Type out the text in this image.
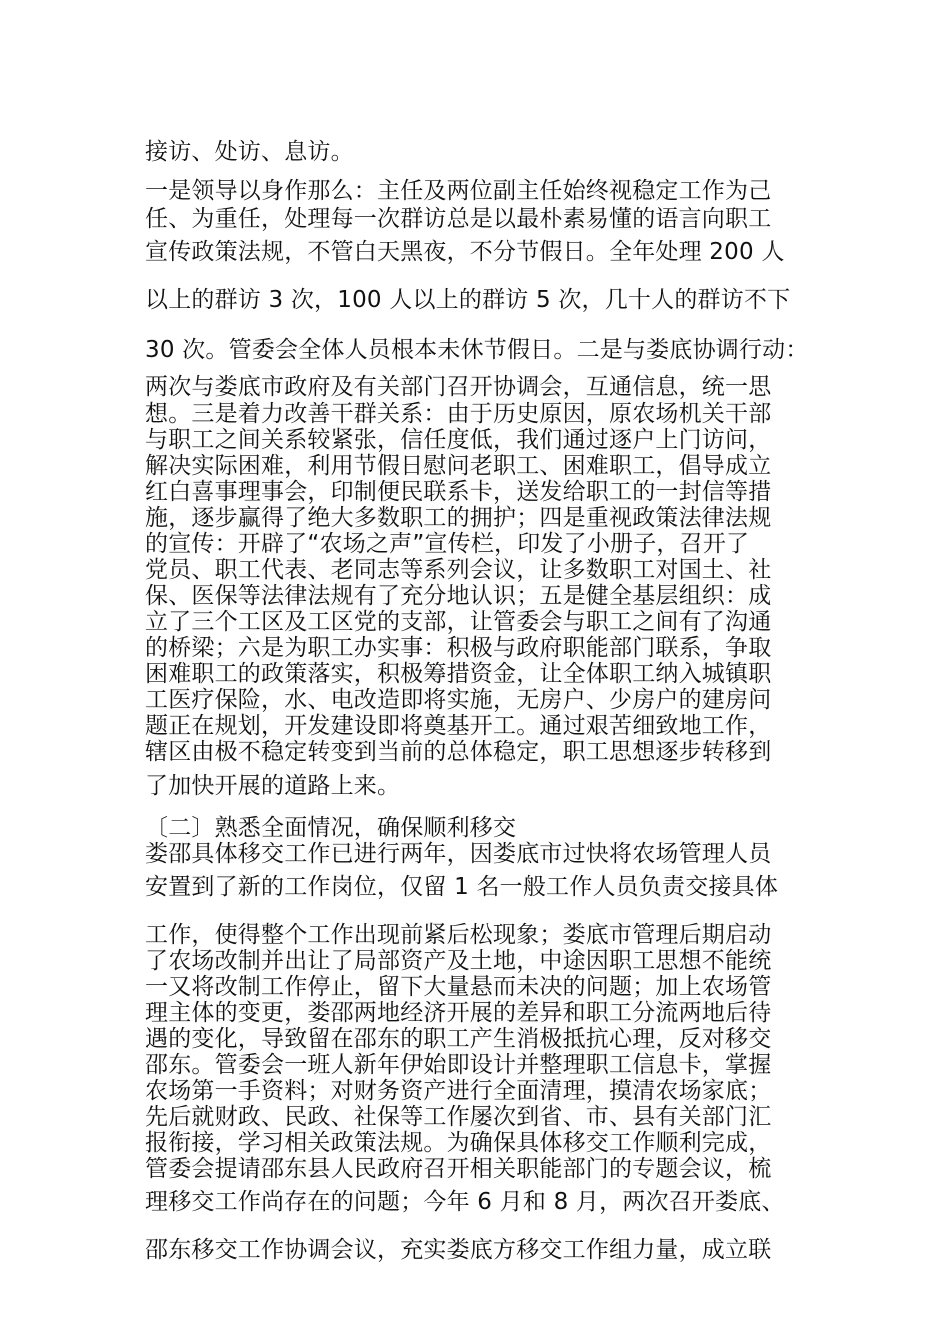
接访、处访、息访。
一是领导以身作那么：主任及两位副主任始终视稳定工作为己
任、为重任，处理每一次群访总是以最朴素易懂的语言向职工
宣传政策法规，不管白天黑夜，不分节假日。全年处理 200 人
以上的群访 3 次，100 人以上的群访 5 次，几十人的群访不下
30 次。管委会全体人员根本未休节假日。二是与娄底协调行动：
两次与娄底市政府及有关部门召开协调会，互通信息，统一思
想。三是着力改善干群关系：由于历史原因，原农场机关干部
与职工之间关系较紧张，信任度低，我们通过逐户上门访问，
解决实际困难，利用节假日慰问老职工、困难职工，倡导成立
红白喜事理事会，印制便民联系卡，送发给职工的一封信等措
施，逐步赢得了绝大多数职工的拥护；四是重视政策法律法规
的宣传：开辟了“农场之声”宣传栏，印发了小册子，召开了
党员、职工代表、老同志等系列会议，让多数职工对国土、社
保、医保等法律法规有了充分地认识；五是健全基层组织：成
立了三个工区及工区党的支部，让管委会与职工之间有了沟通
的桥梁；六是为职工办实事：积极与政府职能部门联系，争取
困难职工的政策落实，积极筹措资金，让全体职工纳入城镇职
工医疗保险，水、电改造即将实施，无房户、少房户的建房问
题正在规划，开发建设即将奠基开工。通过艰苦细致地工作，
辖区由极不稳定转变到当前的总体稳定，职工思想逐步转移到
了加快开展的道路上来。
〔二〕熟悉全面情况，确保顺利移交
娄邵具体移交工作已进行两年，因娄底市过快将农场管理人员
安置到了新的工作岗位，仅留 1 名一般工作人员负责交接具体
工作，使得整个工作出现前紧后松现象；娄底市管理后期启动
了农场改制并出让了局部资产及土地，中途因职工思想不能统
一又将改制工作停止，留下大量悬而未决的问题；加上农场管
理主体的变更，娄邵两地经济开展的差异和职工分流两地后待
遇的变化，导致留在邵东的职工产生消极抵抗心理，反对移交
邵东。管委会一班人新年伊始即设计并整理职工信息卡，掌握
农场第一手资料；对财务资产进行全面清理，摸清农场家底；
先后就财政、民政、社保等工作屡次到省、市、县有关部门汇
报衔接，学习相关政策法规。为确保具体移交工作顺利完成，
管委会提请邵东县人民政府召开相关职能部门的专题会议，梳
理移交工作尚存在的问题；今年 6 月和 8 月，两次召开娄底、
邵东移交工作协调会议，充实娄底方移交工作组力量，成立联
